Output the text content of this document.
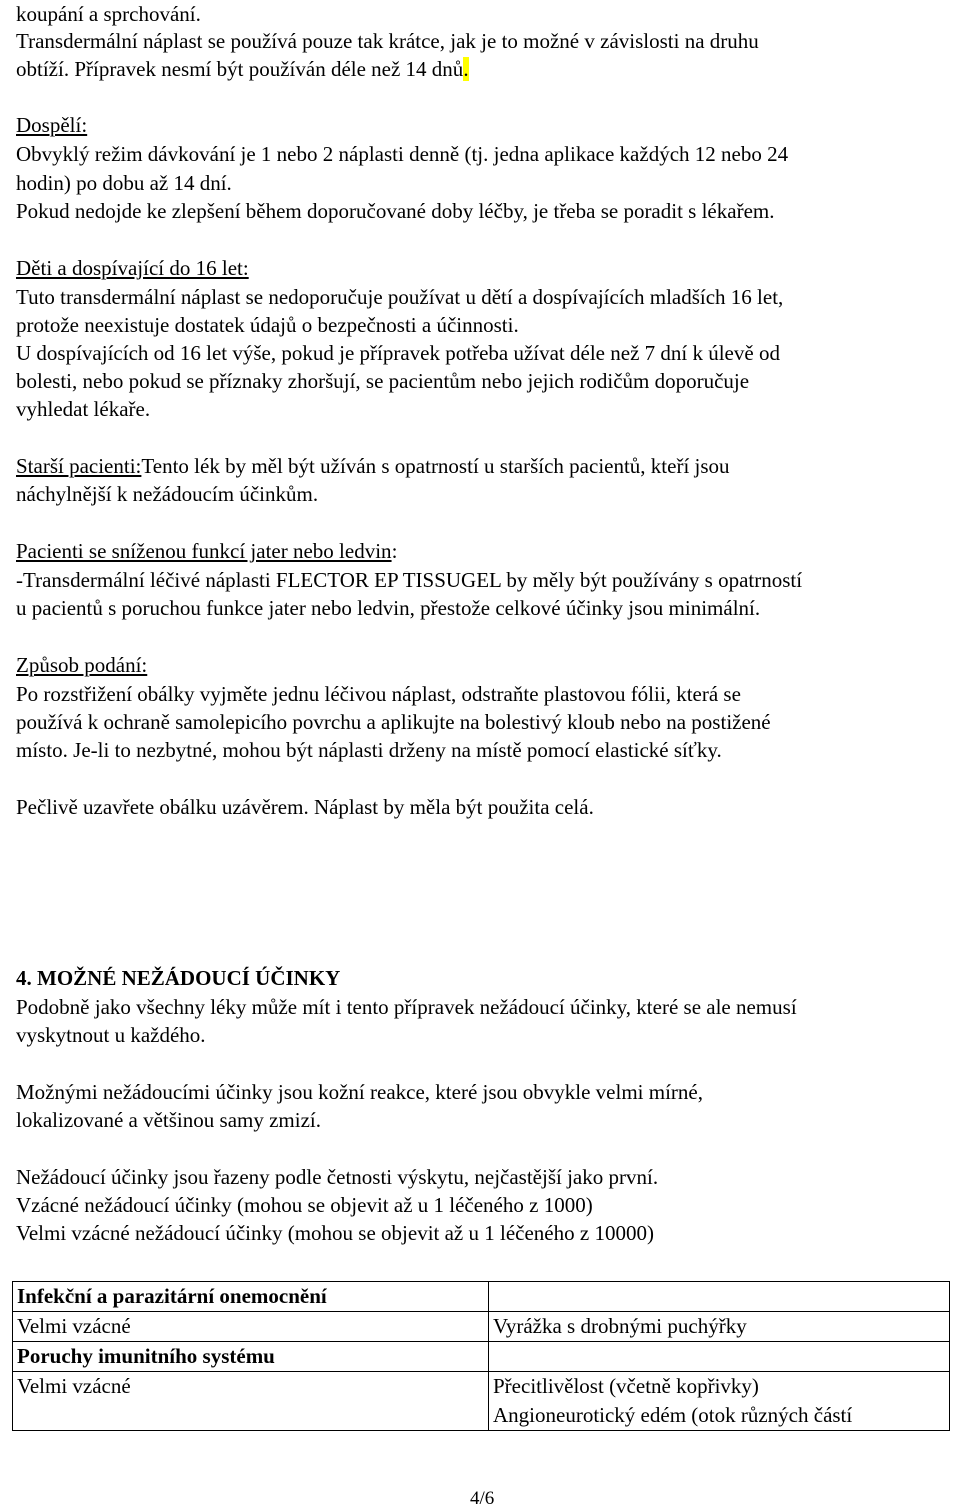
koupání a sprchování.
Transdermální náplast se používá pouze tak krátce, jak je to možné v závislosti na druhu
obtíží. Přípravek nesmí být používán déle než 14 dnů.
Dospělí:
Obvyklý režim dávkování je 1 nebo 2 náplasti denně (tj. jedna aplikace každých 12 nebo 24
hodin) po dobu až 14 dní.
Pokud nedojde ke zlepšení během doporučované doby léčby, je třeba se poradit s lékařem.
Děti a dospívající do 16 let:
Tuto transdermální náplast se nedoporučuje používat u dětí a dospívajících mladších 16 let,
protože neexistuje dostatek údajů o bezpečnosti a účinnosti.
U dospívajících od 16 let výše, pokud je přípravek potřeba užívat déle než 7 dní k úlevě od
bolesti, nebo pokud se příznaky zhoršují, se pacientům nebo jejich rodičům doporučuje
vyhledat lékaře.
Starší pacienti:Tento lék by měl být užíván s opatrností u starších pacientů, kteří jsou
náchylnější k nežádoucím účinkům.
Pacienti se sníženou funkcí jater nebo ledvin:
-Transdermální léčivé náplasti FLECTOR EP TISSUGEL by měly být používány s opatrností
u pacientů s poruchou funkce jater nebo ledvin, přestože celkové účinky jsou minimální.
Způsob podání:
Po rozstřižení obálky vyjměte jednu léčivou náplast, odstraňte plastovou fólii, která se
používá k ochraně samolepicího povrchu a aplikujte na bolestivý kloub nebo na postižené
místo. Je-li to nezbytné, mohou být náplasti drženy na místě pomocí elastické síťky.
Pečlivě uzavřete obálku uzávěrem. Náplast by měla být použita celá.
4. MOŽNÉ NEŽÁDOUCÍ ÚČINKY
Podobně jako všechny léky může mít i tento přípravek nežádoucí účinky, které se ale nemusí
vyskytnout u každého.
Možnými nežádoucími účinky jsou kožní reakce, které jsou obvykle velmi mírné,
lokalizované a většinou samy zmizí.
Nežádoucí účinky jsou řazeny podle četnosti výskytu, nejčastější jako první.
Vzácné nežádoucí účinky (mohou se objevit až u 1 léčeného z 1000)
Velmi vzácné nežádoucí účinky (mohou se objevit až u 1 léčeného z 10000)
Infekční a parazitární onemocnění	
Velmi vzácné	Vyrážka s drobnými puchýřky
Poruchy imunitního systému	
Velmi vzácné	Přecitlivělost (včetně kopřivky)
	Angioneurotický edém (otok různých částí
4/6
